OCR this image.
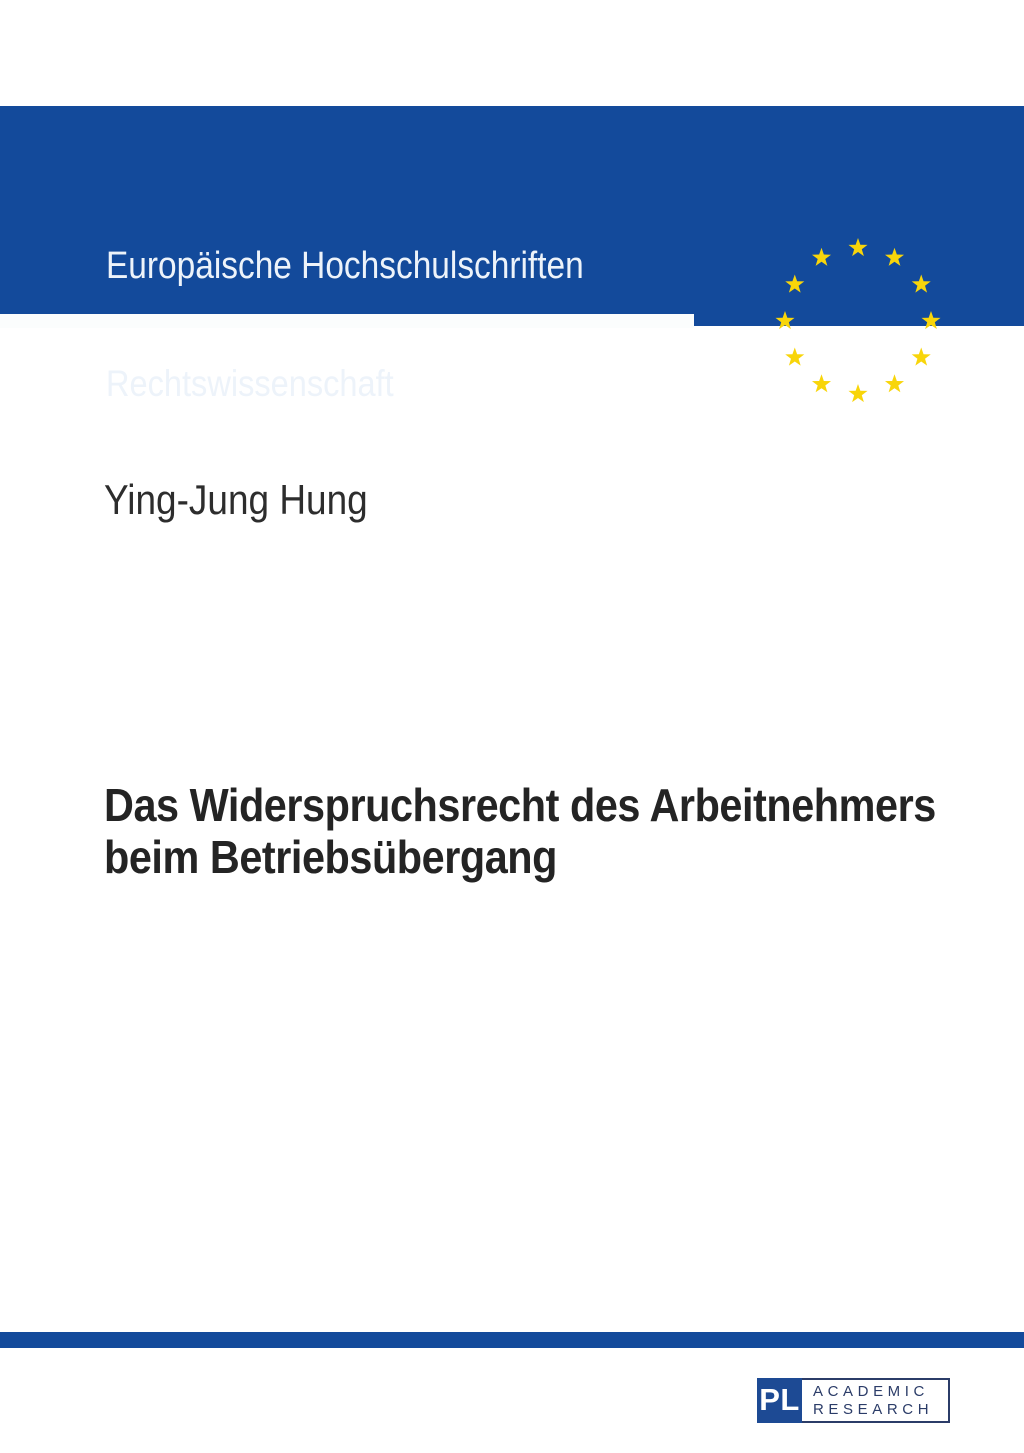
Europäische Hochschulschriften
Rechtswissenschaft
Ying-Jung Hung
Das Widerspruchsrecht des Arbeitnehmers
beim Betriebsübergang
PL ACADEMIC
RESEARCH
